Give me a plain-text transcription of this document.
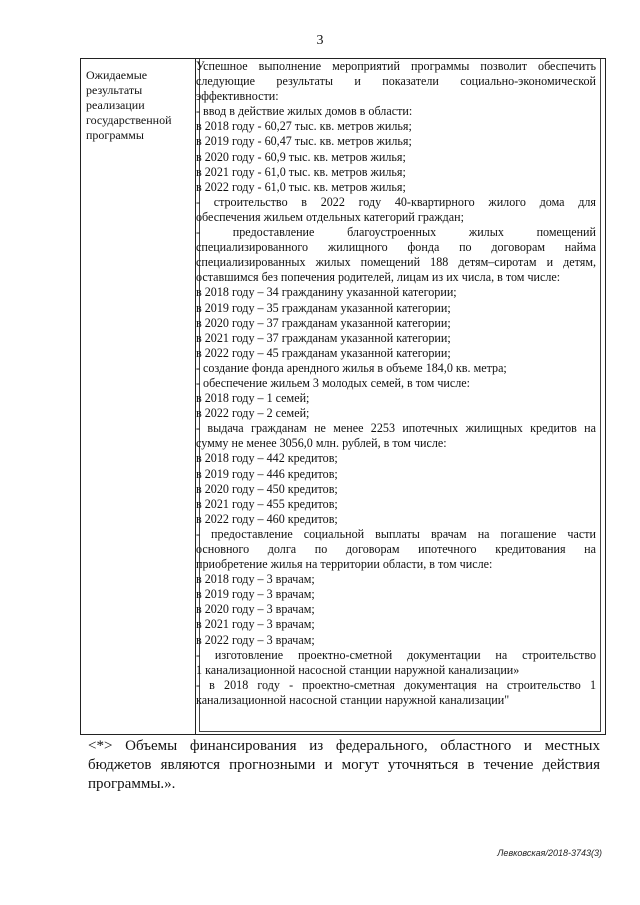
3
Ожидаемые
результаты
реализации
государственной
программы
Успешное выполнение мероприятий программы позволит обеспечить
следующие результаты и показатели социально-экономической
эффективности:
- ввод в действие жилых домов в области:
в 2018 году - 60,27 тыс. кв. метров жилья;
в 2019 году - 60,47 тыс. кв. метров жилья;
в 2020 году - 60,9 тыс. кв. метров жилья;
в 2021 году - 61,0 тыс. кв. метров жилья;
в 2022 году - 61,0 тыс. кв. метров жилья;
- строительство в 2022 году 40-квартирного жилого дома для
обеспечения жильем отдельных категорий граждан;
- предоставление благоустроенных жилых помещений
специализированного жилищного фонда по договорам найма
специализированных жилых помещений 188 детям–сиротам и детям,
оставшимся без попечения родителей, лицам из их числа, в том числе:
в 2018 году – 34 гражданину указанной категории;
в 2019 году – 35 гражданам указанной категории;
в 2020 году – 37 гражданам указанной категории;
в 2021 году – 37 гражданам указанной категории;
в 2022 году – 45 гражданам указанной категории;
- создание фонда арендного жилья в объеме 184,0 кв. метра;
- обеспечение жильем 3 молодых семей, в том числе:
в 2018 году – 1 семей;
в 2022 году – 2 семей;
- выдача гражданам не менее 2253 ипотечных жилищных кредитов на
сумму не менее 3056,0 млн. рублей, в том числе:
в 2018 году – 442 кредитов;
в 2019 году – 446 кредитов;
в 2020 году – 450 кредитов;
в 2021 году – 455 кредитов;
в 2022 году – 460 кредитов;
- предоставление социальной выплаты врачам на погашение части
основного долга по договорам ипотечного кредитования на
приобретение жилья на территории области, в том числе:
в 2018 году – 3 врачам;
в 2019 году – 3 врачам;
в 2020 году – 3 врачам;
в 2021 году – 3 врачам;
в 2022 году – 3 врачам;
- изготовление проектно-сметной документации на строительство
1 канализационной насосной станции наружной канализации»
- в 2018 году - проектно-сметная документация на строительство 1
канализационной насосной станции наружной канализации"
<*> Объемы финансирования из федерального, областного и местных
бюджетов являются прогнозными и могут уточняться в течение действия
программы.».
Левковская/2018-3743(3)
